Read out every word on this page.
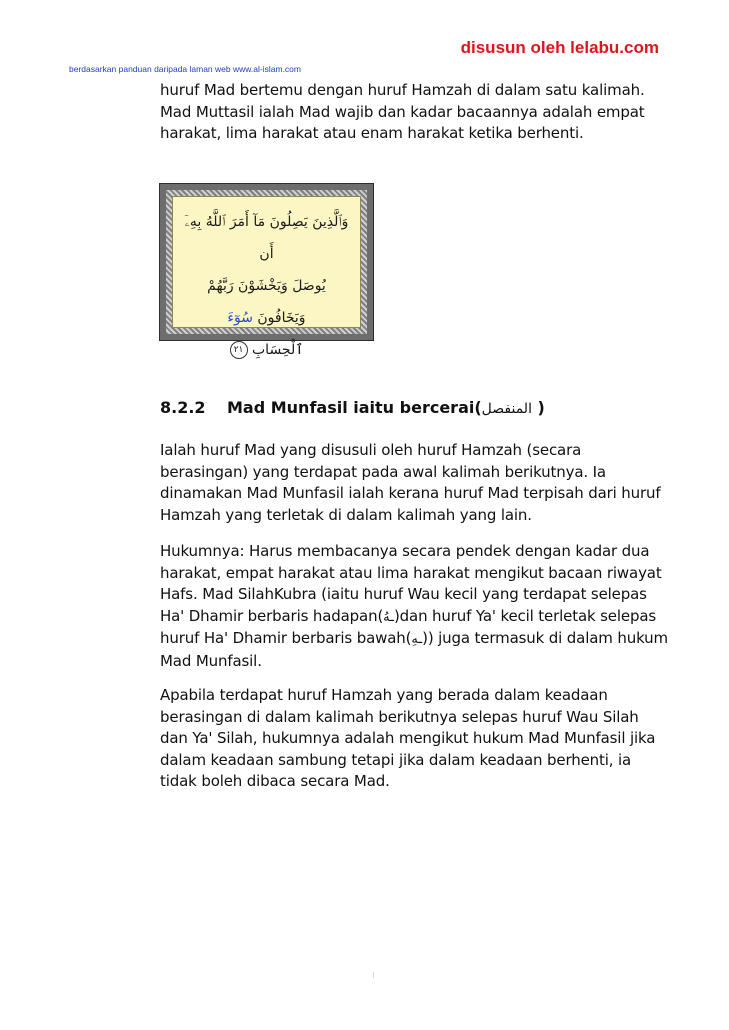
disusun oleh lelabu.com
berdasarkan panduan daripada laman web www.al-islam.com

huruf Mad bertemu dengan huruf Hamzah di dalam satu kalimah. Mad Muttasil ialah Mad wajib dan kadar bacaannya adalah empat harakat, lima harakat atau enam harakat ketika berhenti.

وَٱلَّذِينَ يَصِلُونَ مَآ أَمَرَ ٱللَّهُ بِهِۦٓ أَن
يُوصَلَ وَيَخْشَوْنَ رَبَّهُمْ وَيَخَافُونَ سُوٓءَ
ٱلْحِسَابِ ٢١
8.2.2 Mad Munfasil iaitu bercerai(المنفصل )

Ialah huruf Mad yang disusuli oleh huruf Hamzah (secara berasingan) yang terdapat pada awal kalimah berikutnya. Ia dinamakan Mad Munfasil ialah kerana huruf Mad terpisah dari huruf Hamzah yang terletak di dalam kalimah yang lain.

Hukumnya: Harus membacanya secara pendek dengan kadar dua harakat, empat harakat atau lima harakat mengikut bacaan riwayat Hafs. Mad SilahKubra (iaitu huruf Wau kecil yang terdapat selepas Ha' Dhamir berbaris hadapan(ـهُ)dan huruf Ya' kecil terletak selepas huruf Ha' Dhamir berbaris bawah(ـهِ)) juga termasuk di dalam hukum Mad Munfasil.

Apabila terdapat huruf Hamzah yang berada dalam keadaan berasingan di dalam kalimah berikutnya selepas huruf Wau Silah dan Ya' Silah, hukumnya adalah mengikut hukum Mad Munfasil jika dalam keadaan sambung tetapi jika dalam keadaan berhenti, ia tidak boleh dibaca secara Mad.
